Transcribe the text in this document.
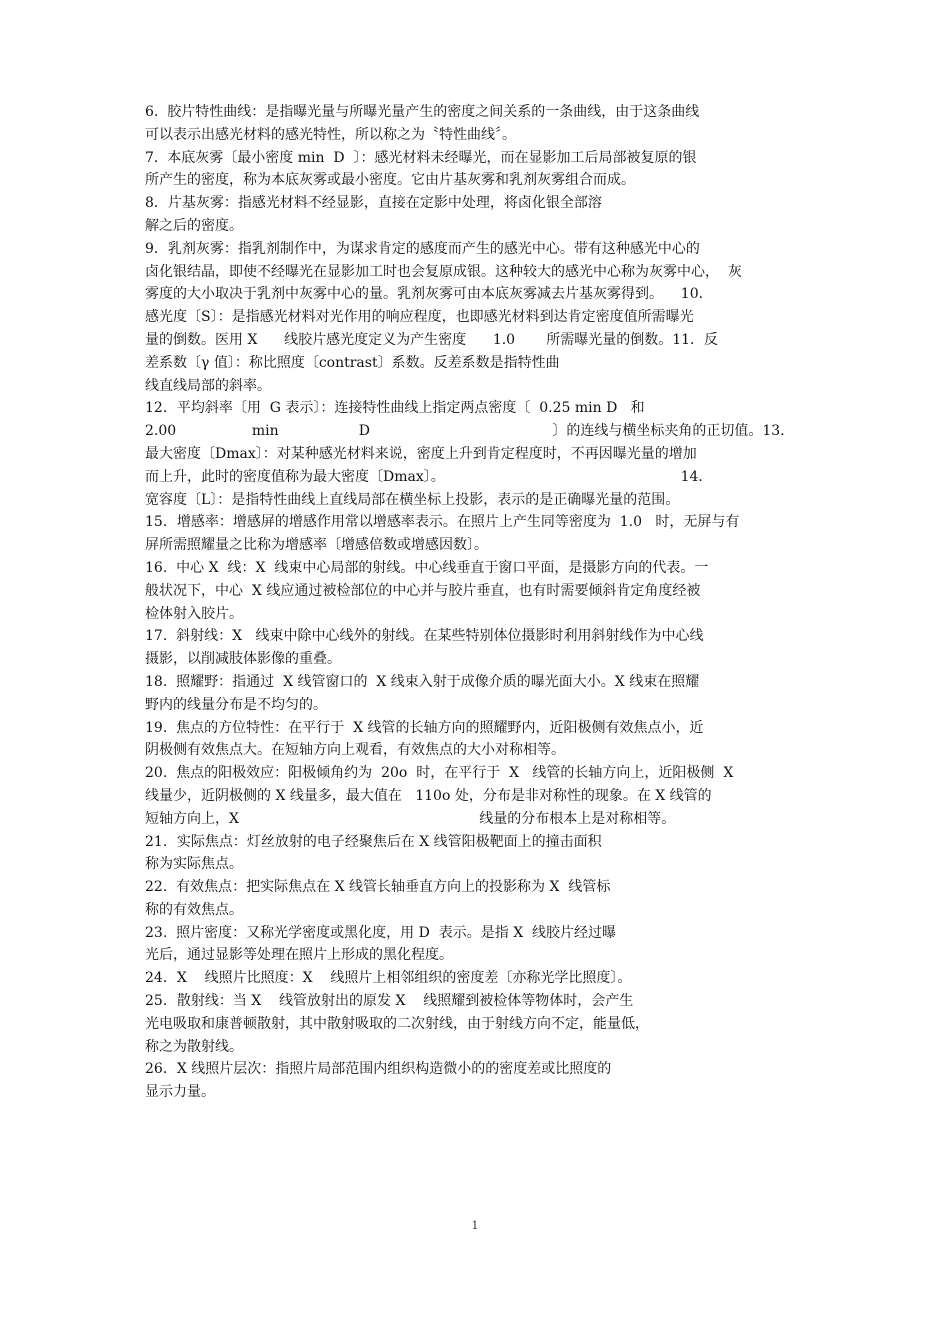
6.  胶片特性曲线：是指曝光量与所曝光量产生的密度之间关系的一条曲线，由于这条曲线
可以表示出感光材料的感光特性，所以称之为〝特性曲线〞。
7.  本底灰雾〔最小密度 min  D  〕：感光材料未经曝光，而在显影加工后局部被复原的银
所产生的密度，称为本底灰雾或最小密度。它由片基灰雾和乳剂灰雾组合而成。
8．片基灰雾：指感光材料不经显影，直接在定影中处理，将卤化银全部溶
解之后的密度。
9．乳剂灰雾：指乳剂制作中，为谋求肯定的感度而产生的感光中心。带有这种感光中心的
卤化银结晶，即使不经曝光在显影加工时也会复原成银。这种较大的感光中心称为灰雾中心，  灰
雾度的大小取决于乳剂中灰雾中心的量。乳剂灰雾可由本底灰雾减去片基灰雾得到。    10．
感光度〔S〕：是指感光材料对光作用的响应程度，也即感光材料到达肯定密度值所需曝光
量的倒数。医用 X      线胶片感光度定义为产生密度      1.0       所需曝光量的倒数。11．反
差系数〔γ 值〕：称比照度〔contrast〕系数。反差系数是指特性曲
线直线局部的斜率。
12．平均斜率〔用  G 表示〕：连接特性曲线上指定两点密度〔  0.25 min D   和
2.00                 min                  D                                         〕的连线与横坐标夹角的正切值。13．
最大密度〔Dmax〕：对某种感光材料来说，密度上升到肯定程度时，不再因曝光量的增加
而上升，此时的密度值称为最大密度〔Dmax〕。                                                     14．
宽容度〔L〕：是指特性曲线上直线局部在横坐标上投影，表示的是正确曝光量的范围。
15．增感率：增感屏的增感作用常以增感率表示。在照片上产生同等密度为  1.0   时，无屏与有
屏所需照耀量之比称为增感率〔增感倍数或增感因数〕。
16.  中心 X  线：X  线束中心局部的射线。中心线垂直于窗口平面，是摄影方向的代表。一
般状况下，中心  X 线应通过被检部位的中心并与胶片垂直，也有时需要倾斜肯定角度经被
检体射入胶片。
17.  斜射线：X   线束中除中心线外的射线。在某些特别体位摄影时利用斜射线作为中心线
摄影，以削减肢体影像的重叠。
18.  照耀野：指通过  X 线管窗口的  X 线束入射于成像介质的曝光面大小。X 线束在照耀
野内的线量分布是不均匀的。
19.  焦点的方位特性：在平行于  X 线管的长轴方向的照耀野内，近阳极侧有效焦点小，近
阴极侧有效焦点大。在短轴方向上观看，有效焦点的大小对称相等。
20.  焦点的阳极效应：阳极倾角约为  20o  时，在平行于  X   线管的长轴方向上，近阳极侧  X
线量少，近阴极侧的 X 线量多，最大值在   110o 处，分布是非对称性的现象。在 X 线管的
短轴方向上，X                                                      线量的分布根本上是对称相等。
21．实际焦点：灯丝放射的电子经聚焦后在 X 线管阳极靶面上的撞击面积
称为实际焦点。
22.  有效焦点：把实际焦点在 X 线管长轴垂直方向上的投影称为 X  线管标
称的有效焦点。
23.  照片密度：又称光学密度或黑化度，用 D  表示。是指 X  线胶片经过曝
光后，通过显影等处理在照片上形成的黑化程度。
24．X    线照片比照度：X    线照片上相邻组织的密度差〔亦称光学比照度〕。
25．散射线：当 X    线管放射出的原发 X    线照耀到被检体等物体时，会产生
光电吸取和康普顿散射，其中散射吸取的二次射线，由于射线方向不定，能量低，
称之为散射线。
26．X 线照片层次：指照片局部范围内组织构造微小的的密度差或比照度的
显示力量。
1
